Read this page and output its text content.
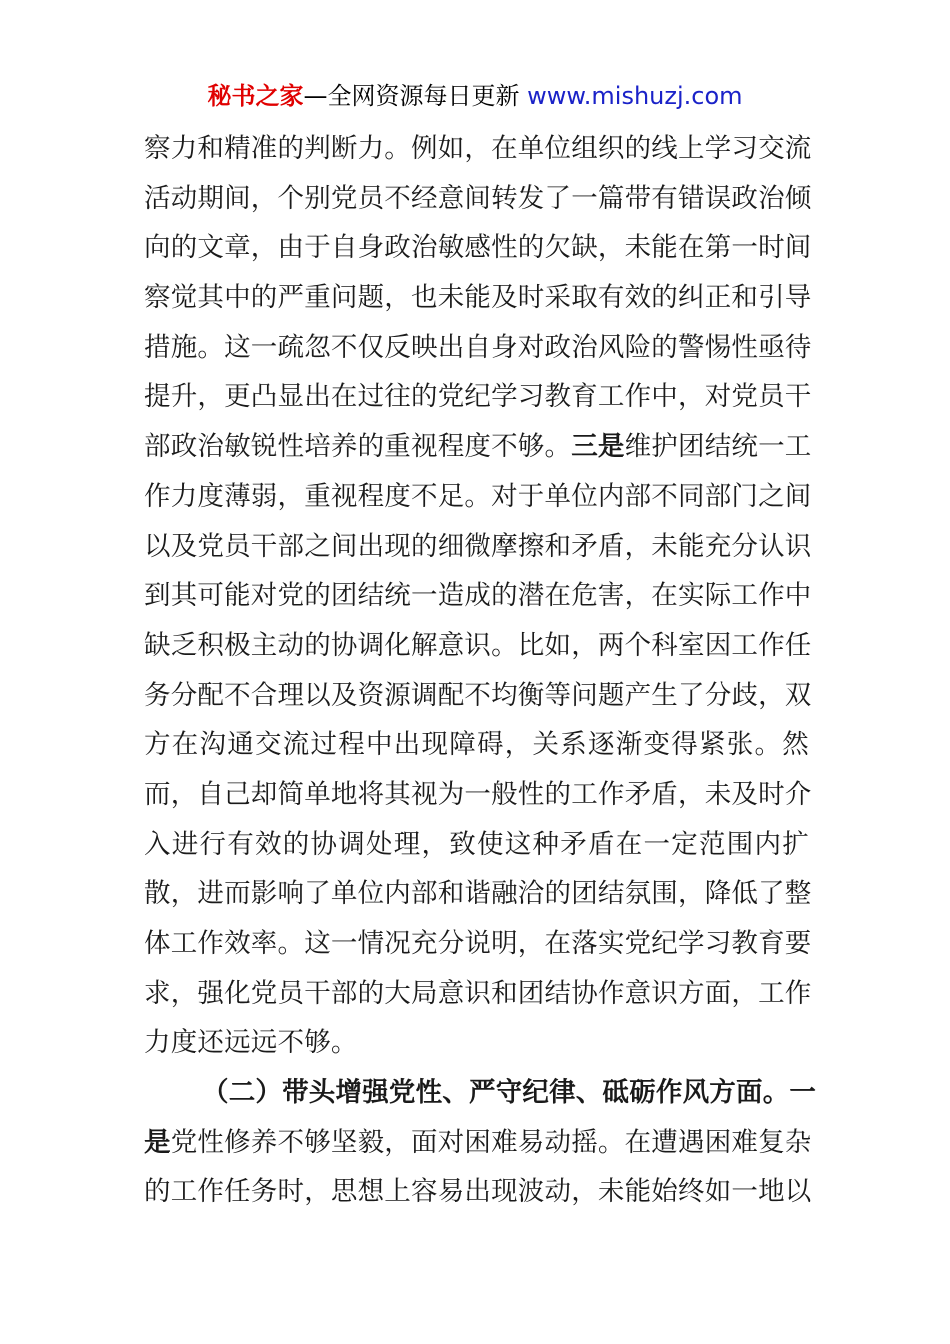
秘书之家—全网资源每日更新 www.mishuzj.com
察力和精准的判断力。例如，在单位组织的线上学习交流
活动期间，个别党员不经意间转发了一篇带有错误政治倾
向的文章，由于自身政治敏感性的欠缺，未能在第一时间
察觉其中的严重问题，也未能及时采取有效的纠正和引导
措施。这一疏忽不仅反映出自身对政治风险的警惕性亟待
提升，更凸显出在过往的党纪学习教育工作中，对党员干
部政治敏锐性培养的重视程度不够。三是维护团结统一工
作力度薄弱，重视程度不足。对于单位内部不同部门之间
以及党员干部之间出现的细微摩擦和矛盾，未能充分认识
到其可能对党的团结统一造成的潜在危害，在实际工作中
缺乏积极主动的协调化解意识。比如，两个科室因工作任
务分配不合理以及资源调配不均衡等问题产生了分歧，双
方在沟通交流过程中出现障碍，关系逐渐变得紧张。然
而，自己却简单地将其视为一般性的工作矛盾，未及时介
入进行有效的协调处理，致使这种矛盾在一定范围内扩
散，进而影响了单位内部和谐融洽的团结氛围，降低了整
体工作效率。这一情况充分说明，在落实党纪学习教育要
求，强化党员干部的大局意识和团结协作意识方面，工作
力度还远远不够。
（二）带头增强党性、严守纪律、砥砺作风方面。一
是党性修养不够坚毅，面对困难易动摇。在遭遇困难复杂
的工作任务时，思想上容易出现波动，未能始终如一地以
